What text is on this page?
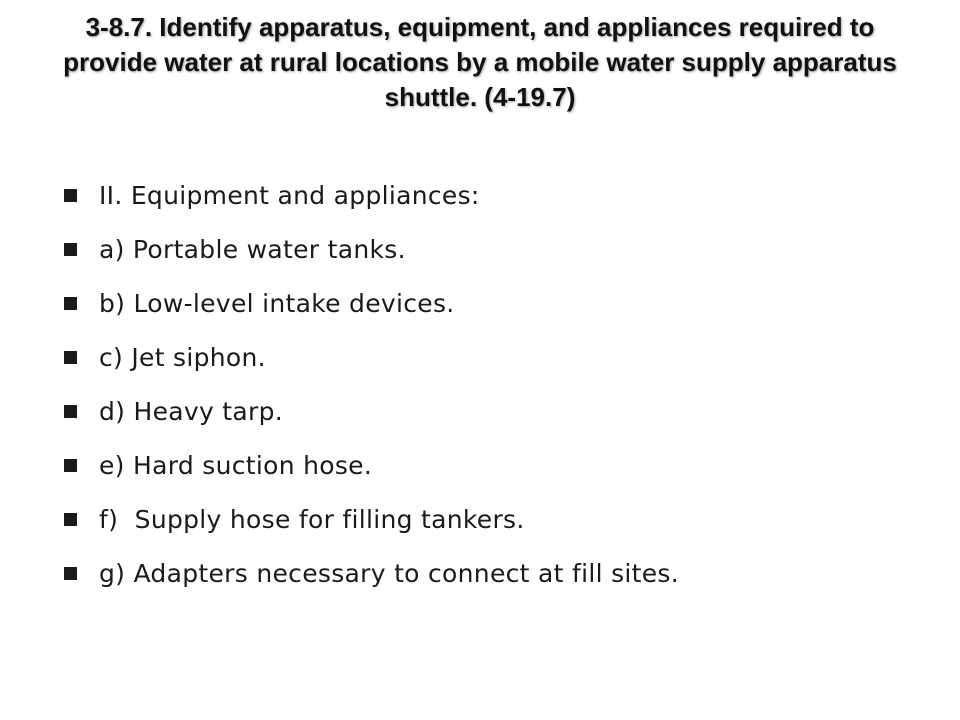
3-8.7. Identify apparatus, equipment, and appliances required to provide water at rural locations by a mobile water supply apparatus shuttle. (4-19.7)
II. Equipment and appliances:
a) Portable water tanks.
b) Low-level intake devices.
c) Jet siphon.
d) Heavy tarp.
e) Hard suction hose.
f)  Supply hose for filling tankers.
g) Adapters necessary to connect at fill sites.
